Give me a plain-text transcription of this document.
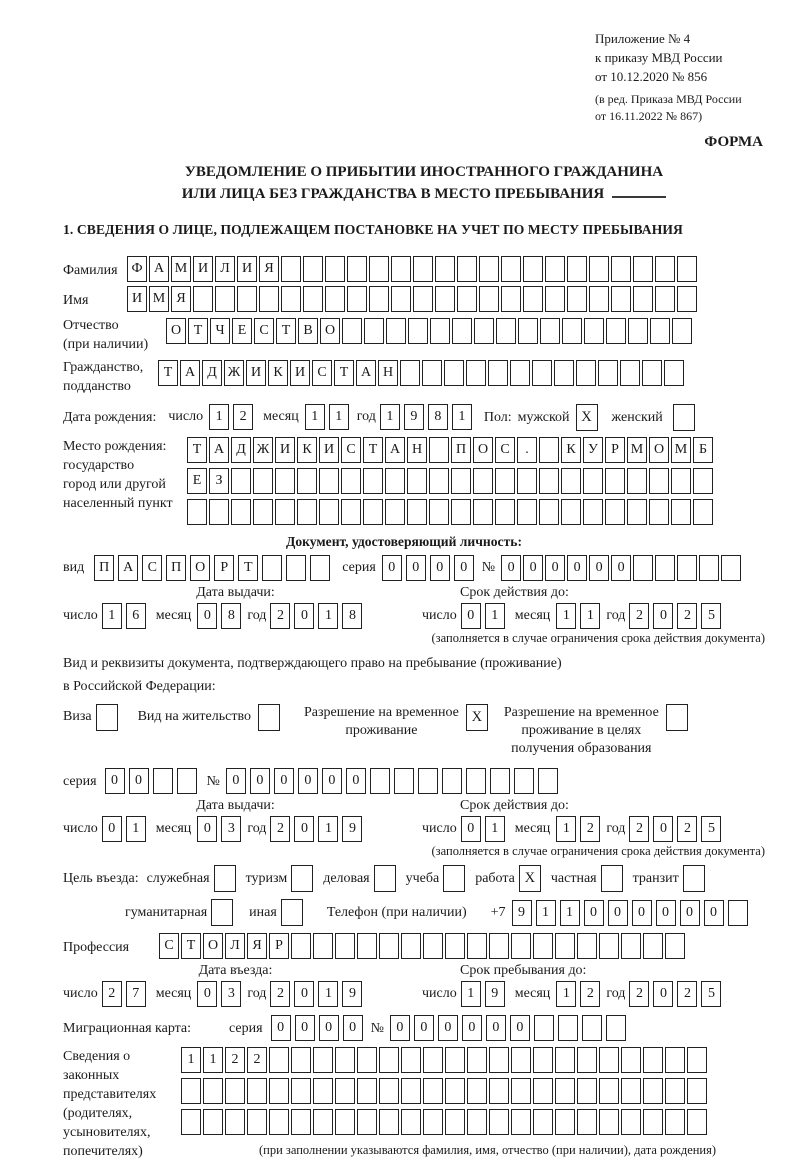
Приложение № 4
к приказу МВД России
от 10.12.2020 № 856
(в ред. Приказа МВД России
от 16.11.2022 № 867)
ФОРМА
УВЕДОМЛЕНИЕ О ПРИБЫТИИ ИНОСТРАННОГО ГРАЖДАНИНА
ИЛИ ЛИЦА БЕЗ ГРАЖДАНСТВА В МЕСТО ПРЕБЫВАНИЯ
1. СВЕДЕНИЯ О ЛИЦЕ, ПОДЛЕЖАЩЕМ ПОСТАНОВКЕ НА УЧЕТ ПО МЕСТУ ПРЕБЫВАНИЯ
Фамилия Ф А М И Л И Я
Имя	И М Я
Отчество
(при наличии)
О Т Ч Е С Т В О
Гражданство,
подданство
Т А Д Ж И К И С Т А Н
Дата рождения: число 1	2	месяц 1	1	год 1	9	8	1	Пол: мужской X	женский
Место рождения:
государство
город или другой
населенный пункт
Т А Д Ж И К И С Т А Н	П О С	.	К У Р М О М Б
Е	З
Документ, удостоверяющий личность:
вид	П А	С	П О	Р	Т	серия 0	0	0	0	№ 0	0	0	0	0	0
Дата выдачи:	Срок действия до:
число 1	6	месяц 0	8 год 2	0	1	8	число 0	1	месяц 1	1 год 2	0	2	5
(заполняется в случае ограничения срока действия документа)
Вид и реквизиты документа, подтверждающего право на пребывание (проживание)
в Российской Федерации:
Виза	Вид на жительство	Разрешение на временное
проживание
X	Разрешение на временное
проживание в целях
получения образования
серия	0	0	№ 0	0	0	0	0	0
Дата выдачи:	Срок действия до:
число 0	1	месяц 0	3 год 2	0	1	9	число 0	1	месяц 1	2 год 2	0	2	5
(заполняется в случае ограничения срока действия документа)
Цель въезда: служебная	туризм	деловая	учеба	работа X	частная	транзит
гуманитарная	иная	Телефон (при наличии) +7 9	1	1	0	0	0	0	0	0
Профессия	С Т О Л Я Р
Дата въезда:	Срок пребывания до:
число 2	7	месяц 0	3 год 2	0	1	9	число 1	9	месяц 1	2 год 2	0	2	5
Миграционная карта:	серия	0	0	0	0	№ 0	0	0	0	0	0
Сведения о
законных
представителях
(родителях,
усыновителях,
попечителях)
1	1	2	2
(при заполнении указываются фамилия, имя, отчество (при наличии), дата рождения)
